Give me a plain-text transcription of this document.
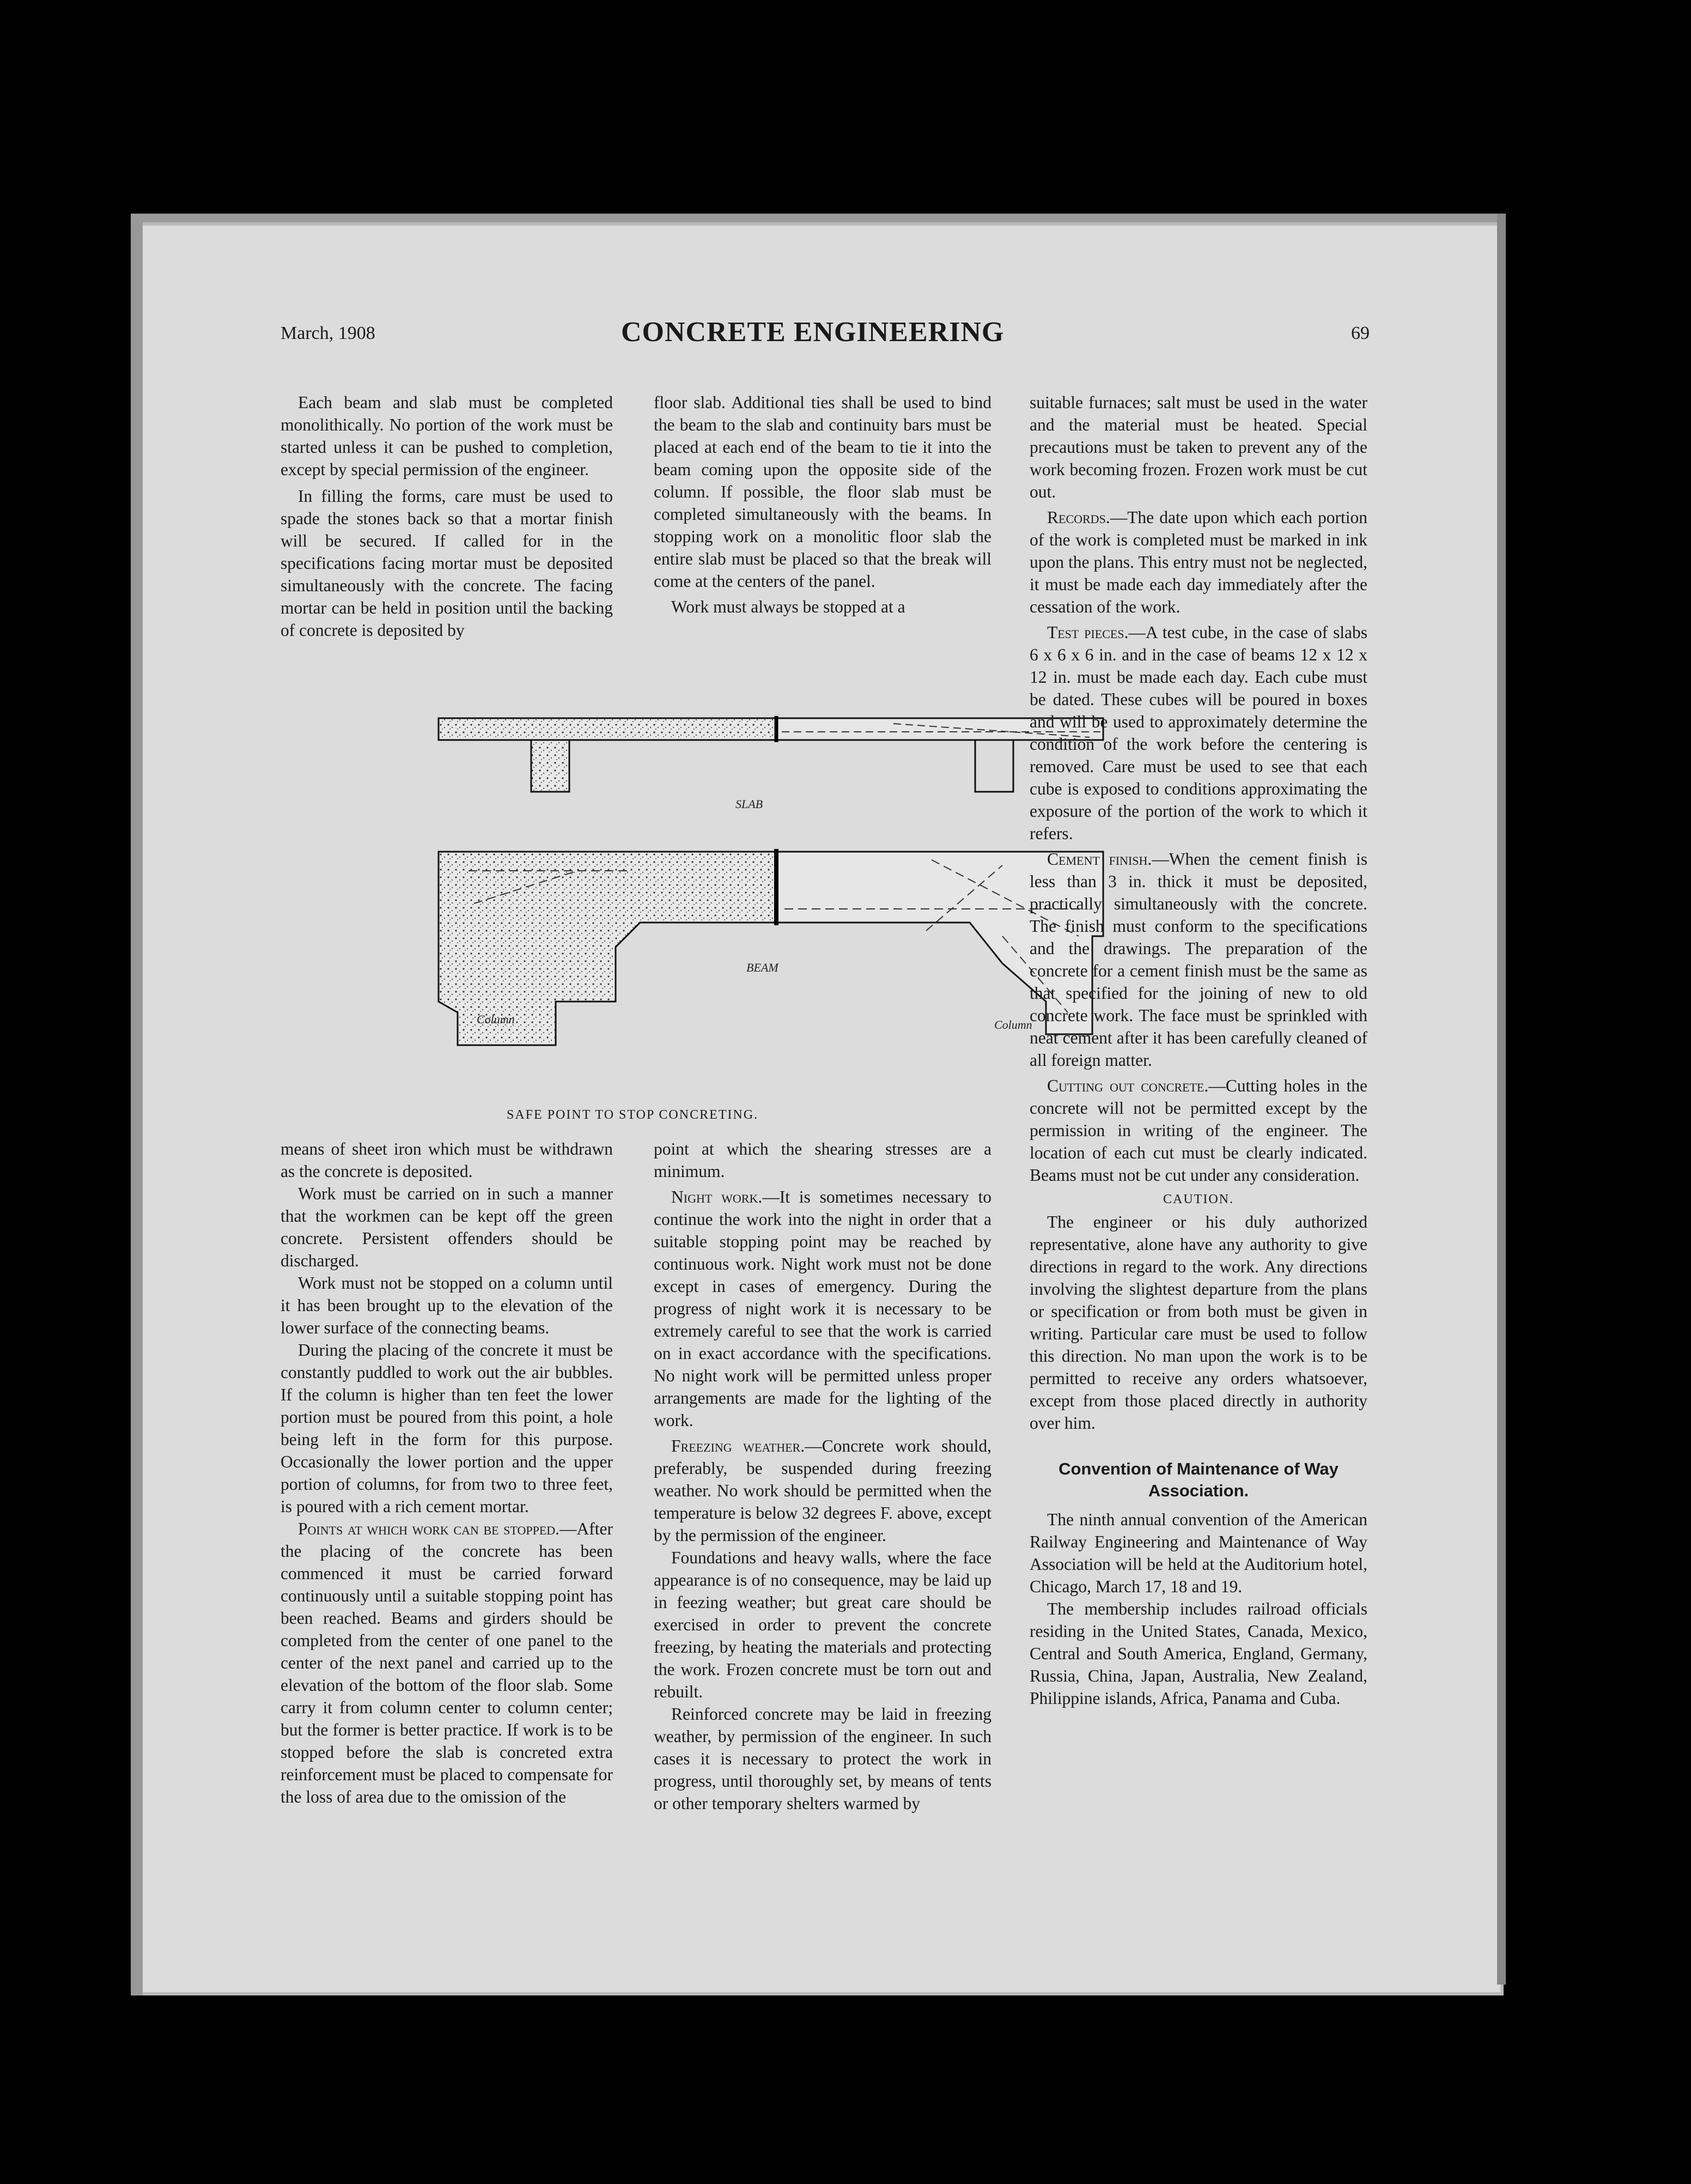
March, 1908	CONCRETE ENGINEERING	69

Each beam and slab must be completed monolithically. No portion of the work must be started unless it can be pushed to completion, except by special permission of the engineer.

In filling the forms, care must be used to spade the stones back so that a mortar finish will be secured. If called for in the specifications facing mortar must be deposited simultaneously with the concrete. The facing mortar can be held in position until the backing of concrete is deposited by

floor slab. Additional ties shall be used to bind the beam to the slab and continuity bars must be placed at each end of the beam to tie it into the beam coming upon the opposite side of the column. If possible, the floor slab must be completed simultaneously with the beams. In stopping work on a monolitic floor slab the entire slab must be placed so that the break will come at the centers of the panel.

Work must always be stopped at a

SLAB
BEAM
Column	Column
SAFE POINT TO STOP CONCRETING.

suitable furnaces; salt must be used in the water and the material must be heated. Special precautions must be taken to prevent any of the work becoming frozen. Frozen work must be cut out.

Records.—The date upon which each portion of the work is completed must be marked in ink upon the plans. This entry must not be neglected, it must be made each day immediately after the cessation of the work.

Test pieces.—A test cube, in the case of slabs 6 x 6 x 6 in. and in the case of beams 12 x 12 x 12 in. must be made each day. Each cube must be dated. These cubes will be poured in boxes and will be used to approximately determine the condition of the work before the centering is removed. Care must be used to see that each cube is exposed to conditions approximating the exposure of the portion of the work to which it refers.

Cement finish.—When the cement finish is less than 3 in. thick it must be deposited, practically simultaneously with the concrete. The finish must conform to the specifications and the drawings. The preparation of the concrete for a cement finish must be the same as that specified for the joining of new to old concrete work. The face must be sprinkled with neat cement after it has been carefully cleaned of all foreign matter.

Cutting out concrete.—Cutting holes in the concrete will not be permitted except by the permission in writing of the engineer. The location of each cut must be clearly indicated. Beams must not be cut under any consideration.

CAUTION.

The engineer or his duly authorized representative, alone have any authority to give directions in regard to the work. Any directions involving the slightest departure from the plans or specification or from both must be given in writing. Particular care must be used to follow this direction. No man upon the work is to be permitted to receive any orders whatsoever, except from those placed directly in authority over him.

Convention of Maintenance of Way Association.

The ninth annual convention of the American Railway Engineering and Maintenance of Way Association will be held at the Auditorium hotel, Chicago, March 17, 18 and 19.

The membership includes railroad officials residing in the United States, Canada, Mexico, Central and South America, England, Germany, Russia, China, Japan, Australia, New Zealand, Philippine islands, Africa, Panama and Cuba.

means of sheet iron which must be withdrawn as the concrete is deposited.

Work must be carried on in such a manner that the workmen can be kept off the green concrete. Persistent offenders should be discharged.

Work must not be stopped on a column until it has been brought up to the elevation of the lower surface of the connecting beams.

During the placing of the concrete it must be constantly puddled to work out the air bubbles. If the column is higher than ten feet the lower portion must be poured from this point, a hole being left in the form for this purpose. Occasionally the lower portion and the upper portion of columns, for from two to three feet, is poured with a rich cement mortar.

Points at which work can be stopped.—After the placing of the concrete has been commenced it must be carried forward continuously until a suitable stopping point has been reached. Beams and girders should be completed from the center of one panel to the center of the next panel and carried up to the elevation of the bottom of the floor slab. Some carry it from column center to column center; but the former is better practice. If work is to be stopped before the slab is concreted extra reinforcement must be placed to compensate for the loss of area due to the omission of the

point at which the shearing stresses are a minimum.

Night work.—It is sometimes necessary to continue the work into the night in order that a suitable stopping point may be reached by continuous work. Night work must not be done except in cases of emergency. During the progress of night work it is necessary to be extremely careful to see that the work is carried on in exact accordance with the specifications. No night work will be permitted unless proper arrangements are made for the lighting of the work.

Freezing weather.—Concrete work should, preferably, be suspended during freezing weather. No work should be permitted when the temperature is below 32 degrees F. above, except by the permission of the engineer.

Foundations and heavy walls, where the face appearance is of no consequence, may be laid up in feezing weather; but great care should be exercised in order to prevent the concrete freezing, by heating the materials and protecting the work. Frozen concrete must be torn out and rebuilt.

Reinforced concrete may be laid in freezing weather, by permission of the engineer. In such cases it is necessary to protect the work in progress, until thoroughly set, by means of tents or other temporary shelters warmed by
